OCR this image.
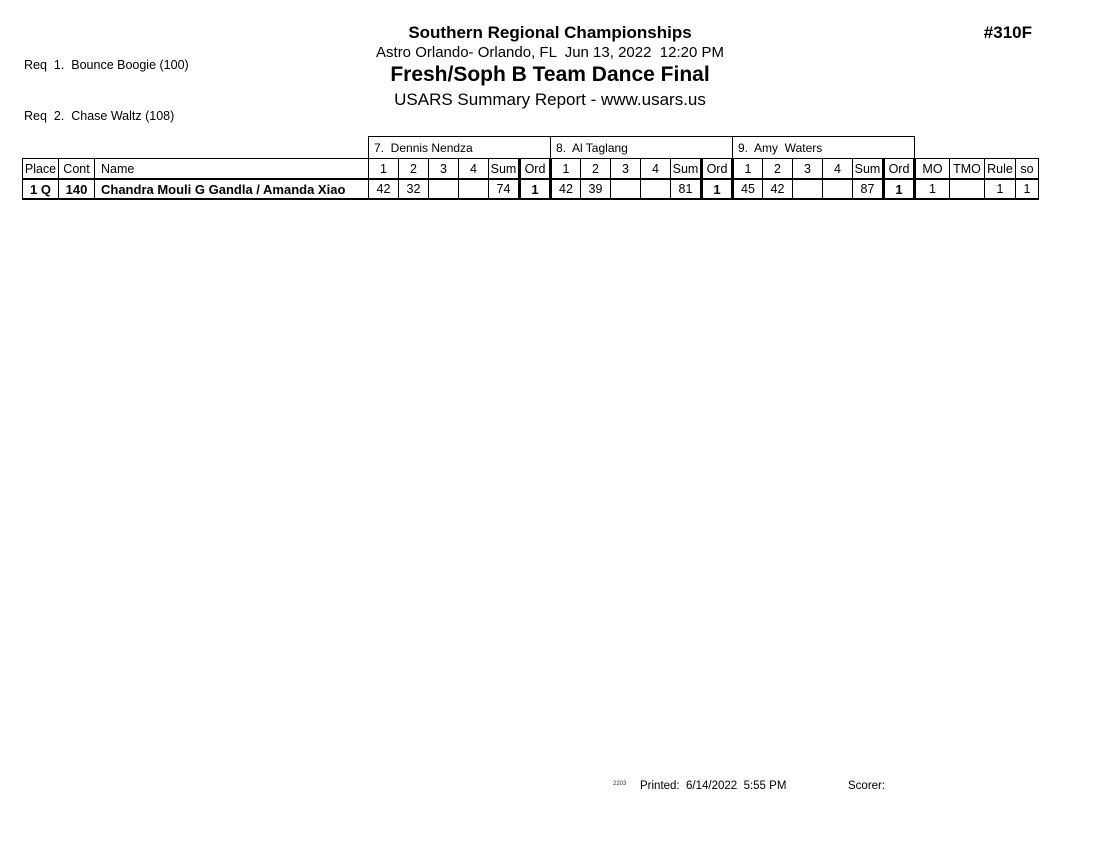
Req  1.  Bounce Boogie (100)

Req  2.  Chase Waltz (108)

Southern Regional Championships
Astro Orlando- Orlando, FL  Jun 13, 2022  12:20 PM
Fresh/Soph B Team Dance Final
USARS Summary Report - www.usars.us
#310F
			7.  Dennis Nendza						8.  Al Taglang						9.  Amy  Waters									
Place	Cont	Name	1	2	3	4	Sum	Ord	1	2	3	4	Sum	Ord	1	2	3	4	Sum	Ord	MO	TMO	Rule	so
1 Q	140	Chandra Mouli G Gandla / Amanda Xiao	42	32			74	1	42	39			81	1	45	42			87	1	1		1	1
2203 Printed:  6/14/2022  5:55 PM	Scorer:
